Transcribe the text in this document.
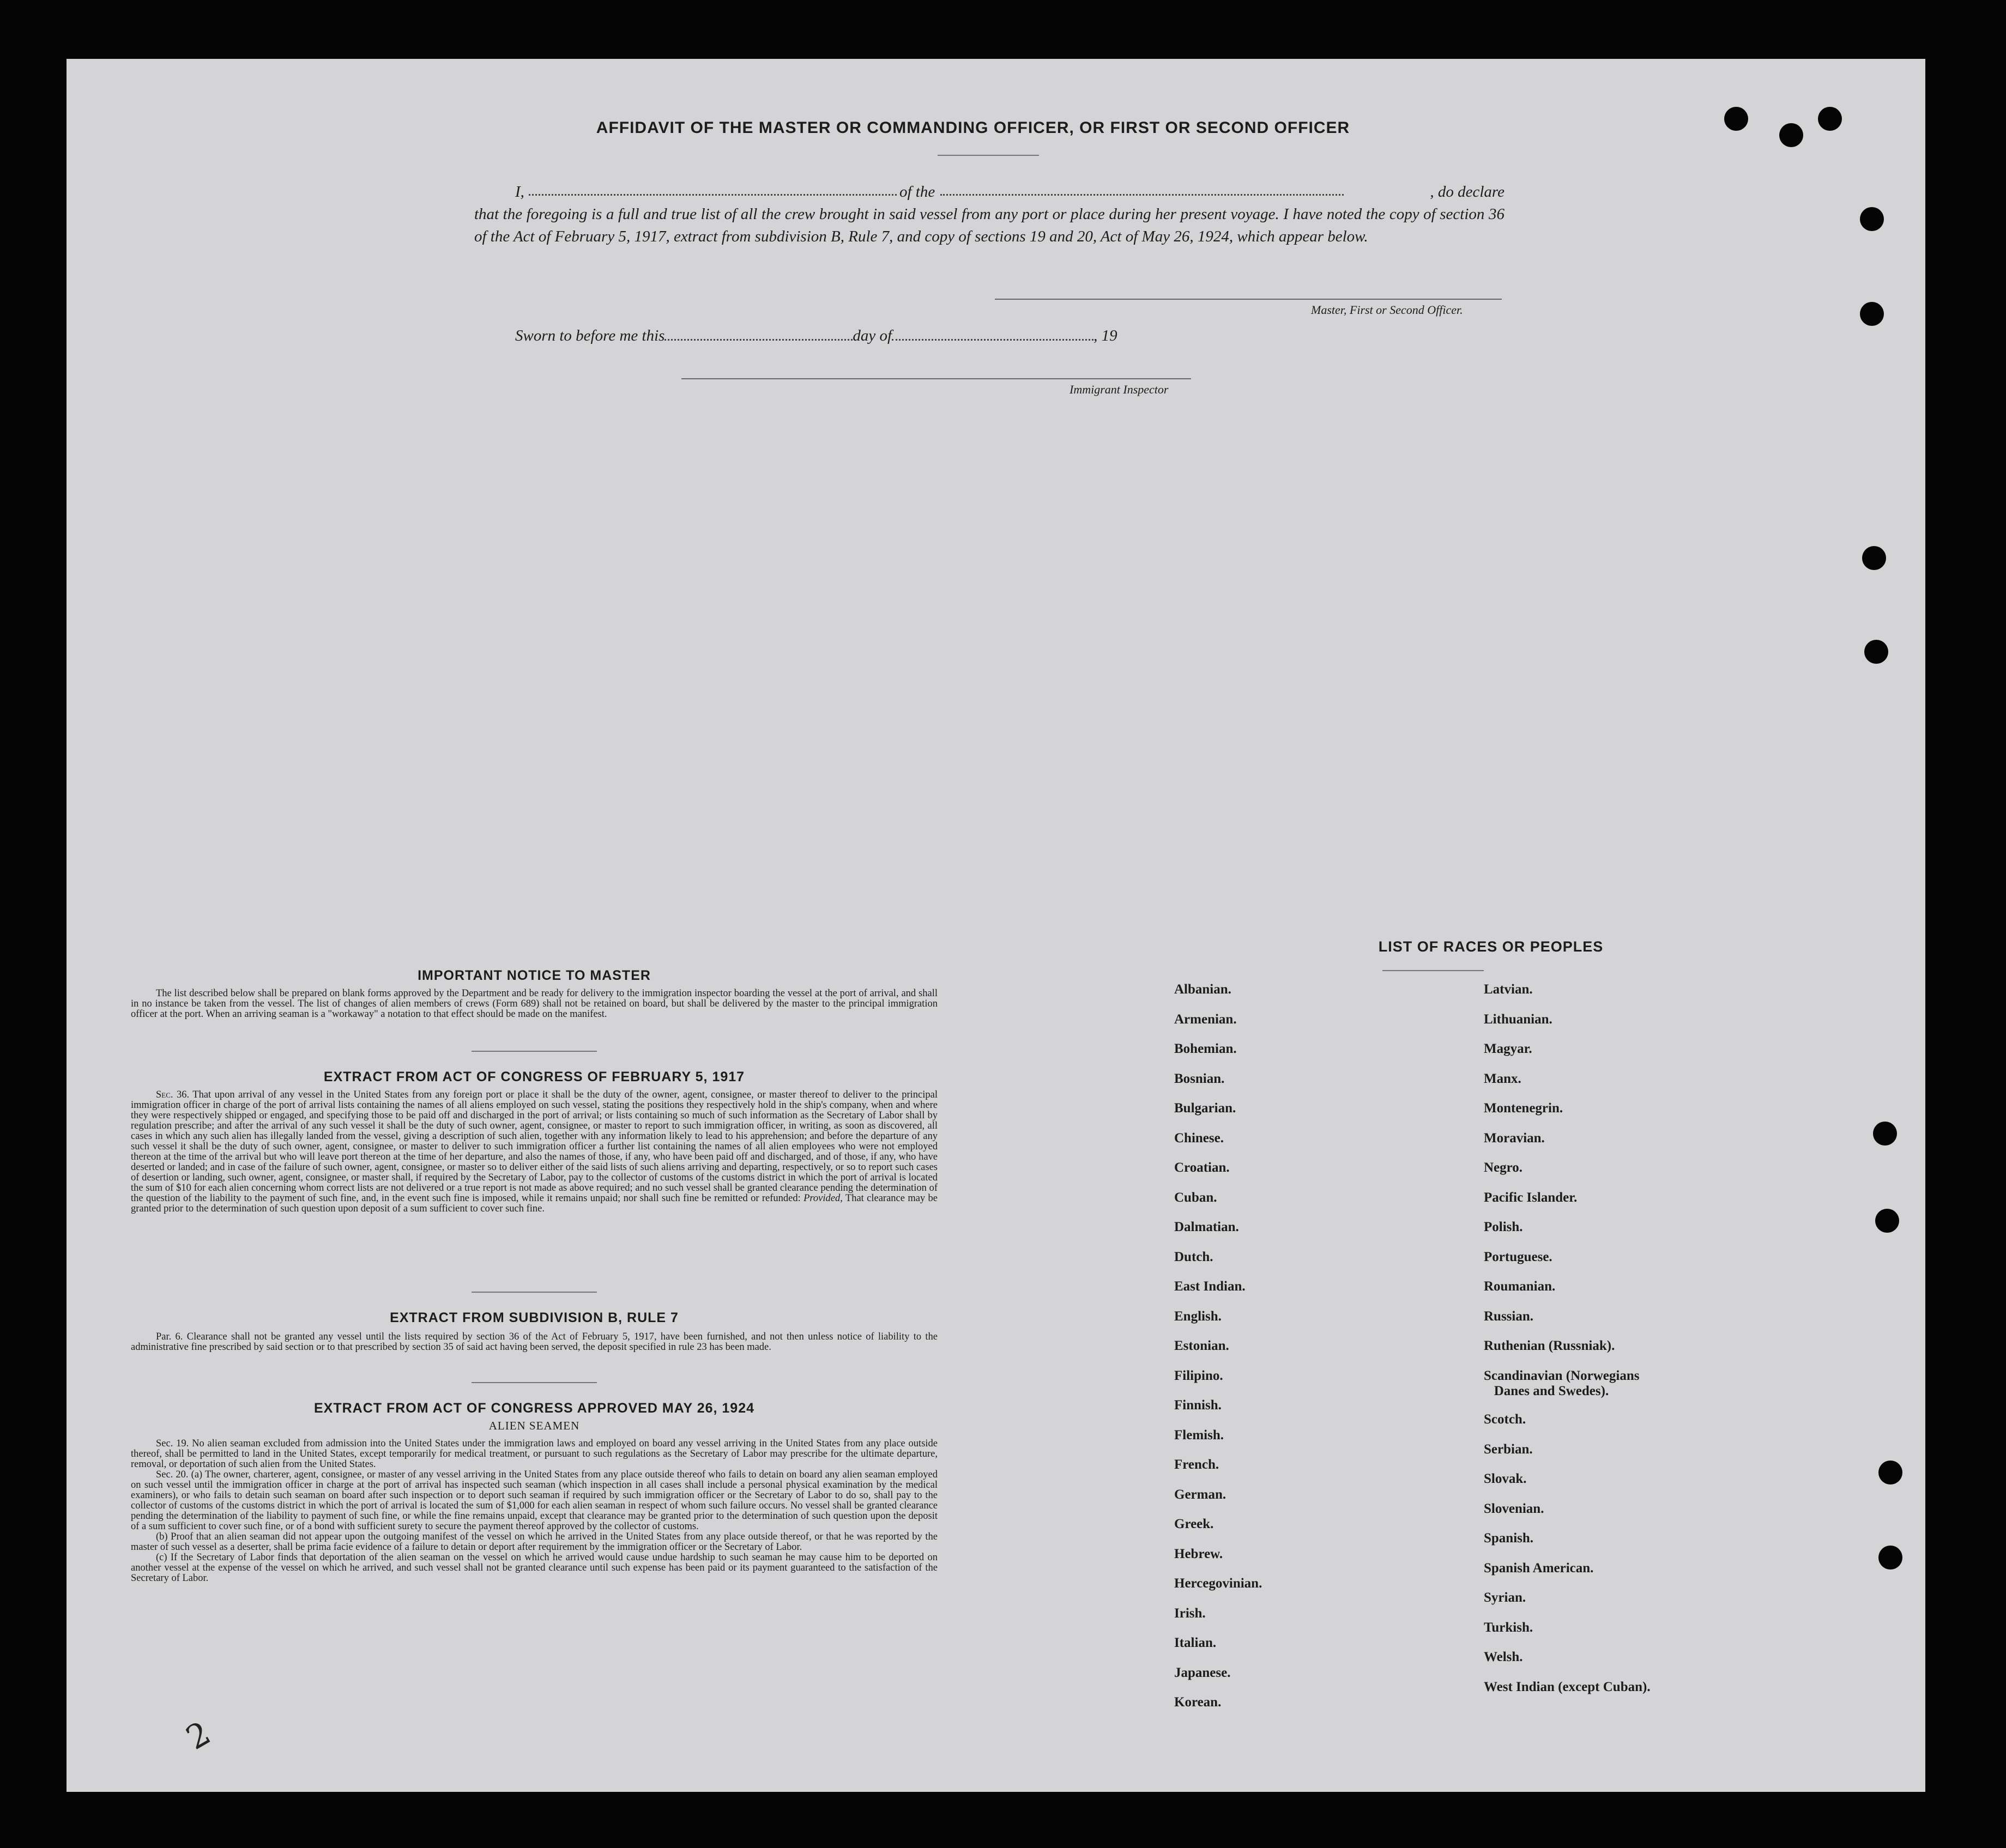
AFFIDAVIT OF THE MASTER OR COMMANDING OFFICER, OR FIRST OR SECOND OFFICER
I,	of the	, do declare
that the foregoing is a full and true list of all the crew brought in said vessel from any port or place during her present voyage. I have noted the copy of section 36 of the Act of February 5, 1917, extract from subdivision B, Rule 7, and copy of sections 19 and 20, Act of May 26, 1924, which appear below.
Master, First or Second Officer.
Sworn to before me this	day of	, 19
Immigrant Inspector
IMPORTANT NOTICE TO MASTER

The list described below shall be prepared on blank forms approved by the Department and be ready for delivery to the immigration inspector boarding the vessel at the port of arrival, and shall in no instance be taken from the vessel. The list of changes of alien members of crews (Form 689) shall not be retained on board, but shall be delivered by the master to the principal immigration officer at the port. When an arriving seaman is a "workaway" a notation to that effect should be made on the manifest.

EXTRACT FROM ACT OF CONGRESS OF FEBRUARY 5, 1917

Sec. 36. That upon arrival of any vessel in the United States from any foreign port or place it shall be the duty of the owner, agent, consignee, or master thereof to deliver to the principal immigration officer in charge of the port of arrival lists containing the names of all aliens employed on such vessel, stating the positions they respectively hold in the ship's company, when and where they were respectively shipped or engaged, and specifying those to be paid off and discharged in the port of arrival; or lists containing so much of such information as the Secretary of Labor shall by regulation prescribe; and after the arrival of any such vessel it shall be the duty of such owner, agent, consignee, or master to report to such immigration officer, in writing, as soon as discovered, all cases in which any such alien has illegally landed from the vessel, giving a description of such alien, together with any information likely to lead to his apprehension; and before the departure of any such vessel it shall be the duty of such owner, agent, consignee, or master to deliver to such immigration officer a further list containing the names of all alien employees who were not employed thereon at the time of the arrival but who will leave port thereon at the time of her departure, and also the names of those, if any, who have been paid off and discharged, and of those, if any, who have deserted or landed; and in case of the failure of such owner, agent, consignee, or master so to deliver either of the said lists of such aliens arriving and departing, respectively, or so to report such cases of desertion or landing, such owner, agent, consignee, or master shall, if required by the Secretary of Labor, pay to the collector of customs of the customs district in which the port of arrival is located the sum of $10 for each alien concerning whom correct lists are not delivered or a true report is not made as above required; and no such vessel shall be granted clearance pending the determination of the question of the liability to the payment of such fine, and, in the event such fine is imposed, while it remains unpaid; nor shall such fine be remitted or refunded: Provided, That clearance may be granted prior to the determination of such question upon deposit of a sum sufficient to cover such fine.

EXTRACT FROM SUBDIVISION B, RULE 7

Par. 6. Clearance shall not be granted any vessel until the lists required by section 36 of the Act of February 5, 1917, have been furnished, and not then unless notice of liability to the administrative fine prescribed by said section or to that prescribed by section 35 of said act having been served, the deposit specified in rule 23 has been made.

EXTRACT FROM ACT OF CONGRESS APPROVED MAY 26, 1924
ALIEN SEAMEN

Sec. 19. No alien seaman excluded from admission into the United States under the immigration laws and employed on board any vessel arriving in the United States from any place outside thereof, shall be permitted to land in the United States, except temporarily for medical treatment, or pursuant to such regulations as the Secretary of Labor may prescribe for the ultimate departure, removal, or deportation of such alien from the United States.

Sec. 20. (a) The owner, charterer, agent, consignee, or master of any vessel arriving in the United States from any place outside thereof who fails to detain on board any alien seaman employed on such vessel until the immigration officer in charge at the port of arrival has inspected such seaman (which inspection in all cases shall include a personal physical examination by the medical examiners), or who fails to detain such seaman on board after such inspection or to deport such seaman if required by such immigration officer or the Secretary of Labor to do so, shall pay to the collector of customs of the customs district in which the port of arrival is located the sum of $1,000 for each alien seaman in respect of whom such failure occurs. No vessel shall be granted clearance pending the determination of the liability to payment of such fine, or while the fine remains unpaid, except that clearance may be granted prior to the determination of such question upon the deposit of a sum sufficient to cover such fine, or of a bond with sufficient surety to secure the payment thereof approved by the collector of customs.

(b) Proof that an alien seaman did not appear upon the outgoing manifest of the vessel on which he arrived in the United States from any place outside thereof, or that he was reported by the master of such vessel as a deserter, shall be prima facie evidence of a failure to detain or deport after requirement by the immigration officer or the Secretary of Labor.

(c) If the Secretary of Labor finds that deportation of the alien seaman on the vessel on which he arrived would cause undue hardship to such seaman he may cause him to be deported on another vessel at the expense of the vessel on which he arrived, and such vessel shall not be granted clearance until such expense has been paid or its payment guaranteed to the satisfaction of the Secretary of Labor.

LIST OF RACES OR PEOPLES
Albanian.
Armenian.
Bohemian.
Bosnian.
Bulgarian.
Chinese.
Croatian.
Cuban.
Dalmatian.
Dutch.
East Indian.
English.
Estonian.
Filipino.
Finnish.
Flemish.
French.
German.
Greek.
Hebrew.
Hercegovinian.
Irish.
Italian.
Japanese.
Korean.
Latvian.
Lithuanian.
Magyar.
Manx.
Montenegrin.
Moravian.
Negro.
Pacific Islander.
Polish.
Portuguese.
Roumanian.
Russian.
Ruthenian (Russniak).
Scandinavian (Norwegians
Danes and Swedes).
Scotch.
Serbian.
Slovak.
Slovenian.
Spanish.
Spanish American.
Syrian.
Turkish.
Welsh.
West Indian (except Cuban).
2
